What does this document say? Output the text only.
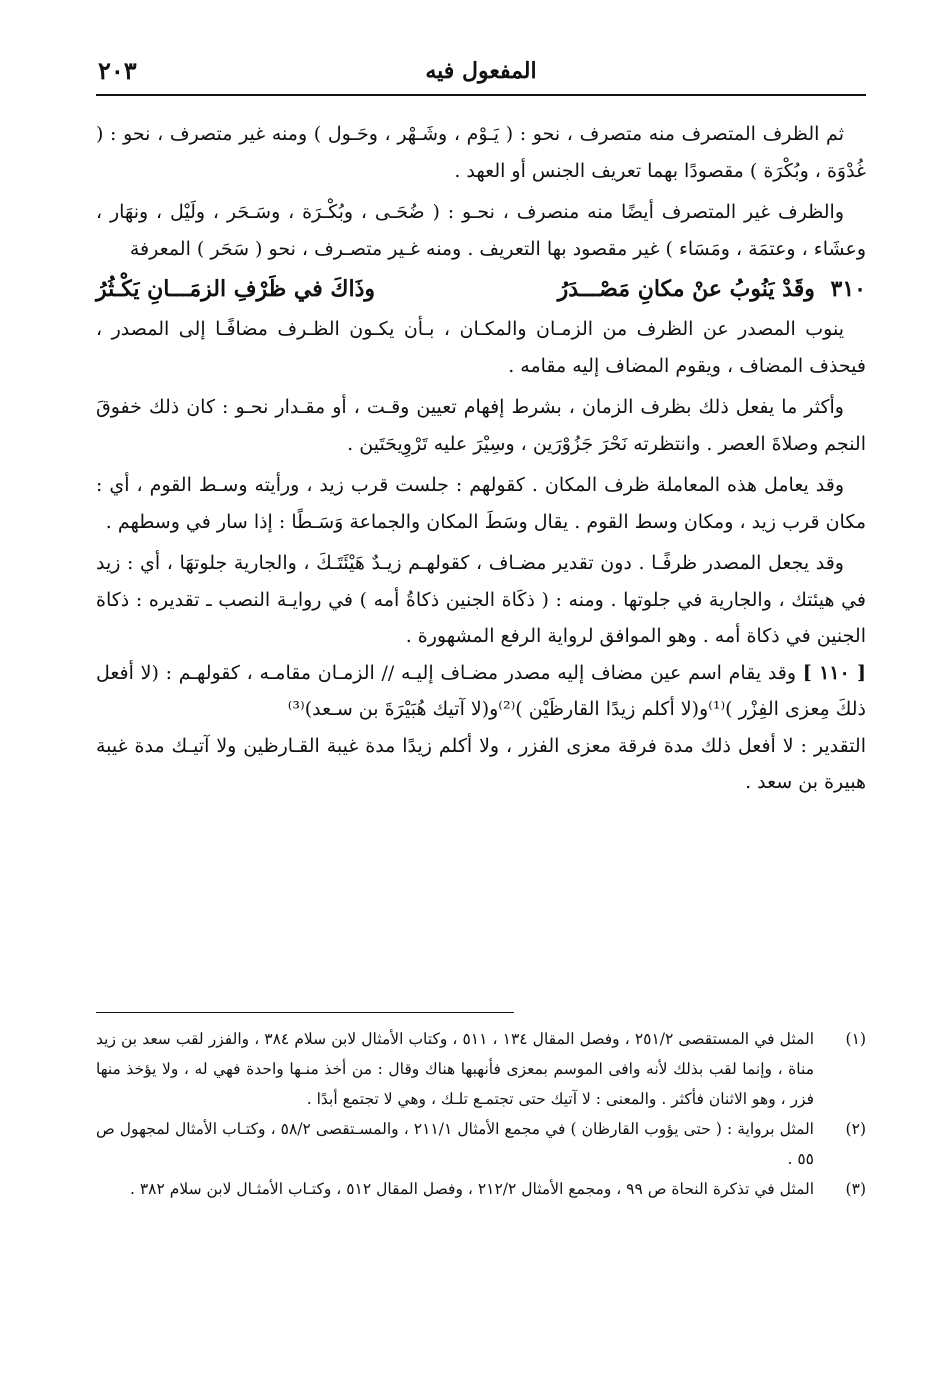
المفعول فيه
٢٠٣

ثم الظرف المتصرف منه متصرف ، نحو : ( يَـوْم ، وشَـهْر ، وحَـول ) ومنه غير متصرف ، نحو : ( غُدْوَة ، وبُكْرَة ) مقصودًا بهما تعريف الجنس أو العهد .

والظرف غير المتصرف أيضًا منه منصرف ، نحـو : ( ضُحَـى ، وبُكْـرَة ، وسَـحَر ، ولَيْل ، ونهَار ، وعشَاء ، وعتمَة ، ومَسَاء ) غير مقصود بها التعريف . ومنه غـير متصـرف ، نحو ( سَحَر ) المعرفة

٣١٠ وقَدْ يَنُوبُ عنْ مكانِ مَصْـــدَرُ
وذَاكَ في ظَرْفِ الزمَـــانِ يَكْـثُرُ

ينوب المصدر عن الظرف من الزمـان والمكـان ، بـأن يكـون الظـرف مضافًـا إلى المصدر ، فيحذف المضاف ، ويقوم المضاف إليه مقامه .

وأكثر ما يفعل ذلك بظرف الزمان ، بشرط إفهام تعيين وقـت ، أو مقـدار نحـو : كان ذلك خفوقَ النجم وصلاةَ العصر . وانتظرته نَحْرَ جَزُوْرَين ، وسِيْرَ عليه تَرْوِيحَتَين .

وقد يعامل هذه المعاملة ظرف المكان . كقولهم : جلست قرب زيد ، ورأيته وسـط القوم ، أي : مكان قرب زيد ، ومكان وسط القوم . يقال وسَطَ المكان والجماعة وَسَـطًا : إذا سار في وسطهم .

وقد يجعل المصدر ظرفًـا . دون تقدير مضـاف ، كقولهـم زيـدٌ هَيْئَتَـكَ ، والجارية جلوتهَا ، أي : زيد في هيئتك ، والجارية في جلوتها . ومنه : ( ذكَاة الجنين ذكاةُ أمه ) في روايـة النصب ـ تقديره : ذكاة الجنين في ذكاة أمه . وهو الموافق لرواية الرفع المشهورة .

[ ١١٠ ] وقد يقام اسم عين مضاف إليه مصدر مضـاف إليـه // الزمـان مقامـه ، كقولهـم : (لا أفعل ذلكَ مِعزى الفِزْر )⁽¹⁾و(لا أكلم زيدًا القارظَيْن )⁽²⁾و(لا آتيك هُبَيْرَةَ بن سـعد)⁽³⁾

التقدير : لا أفعل ذلك مدة فرقة معزى الفزر ، ولا أكلم زيدًا مدة غيبة القـارظين ولا آتيـك مدة غيبة هبيرة بن سعد .

(١)
المثل في المستقصى ٢٥١/٢ ، وفصل المقال ١٣٤ ، ٥١١ ، وكتاب الأمثال لابن سلام ٣٨٤ ، والفزر لقب سعد بن زيد مناة ، وإنما لقب بذلك لأنه وافى الموسم بمعزى فأنهبها هناك وقال : من أخذ منـها واحدة فهي له ، ولا يؤخذ منها فزر ، وهو الاثنان فأكثر . والمعنى : لا آتيك حتى تجتمـع تلـك ، وهي لا تجتمع أبدًا .
(٢)
المثل برواية : ( حتى يؤوب القارظان ) في مجمع الأمثال ٢١١/١ ، والمسـتقصى ٥٨/٢ ، وكتـاب الأمثال لمجهول ص ٥٥ .
(٣)
المثل في تذكرة النحاة ص ٩٩ ، ومجمع الأمثال ٢١٢/٢ ، وفصل المقال ٥١٢ ، وكتـاب الأمثـال لابن سلام ٣٨٢ .
